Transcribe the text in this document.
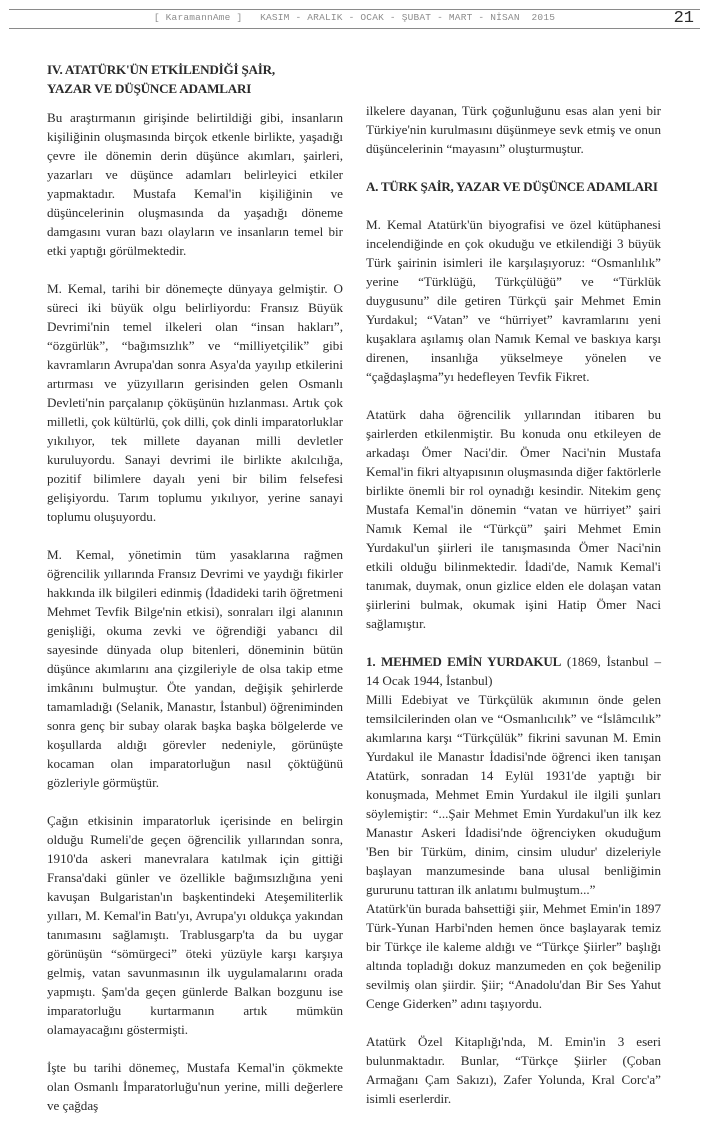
[ KaramannAme ]   KASIM - ARALIK - OCAK - ŞUBAT - MART - NİSAN  2015	21
IV. ATATÜRK'ÜN ETKİLENDİĞİ ŞAİR,
YAZAR VE DÜŞÜNCE ADAMLARI

Bu araştırmanın girişinde belirtildiği gibi, insanların kişiliğinin oluşmasında birçok etkenle birlikte, yaşadığı çevre ile dönemin derin düşünce akımları, şairleri, yazarları ve düşünce adamları belirleyici etkiler yapmaktadır. Mustafa Kemal'in kişiliğinin ve düşüncelerinin oluşmasında da yaşadığı döneme damgasını vuran bazı olayların ve insanların temel bir etki yaptığı görülmektedir.

M. Kemal, tarihi bir dönemeçte dünyaya gelmiştir. O süreci iki büyük olgu belirliyordu: Fransız Büyük Devrimi'nin temel ilkeleri olan “insan hakları”, “özgürlük”, “bağımsızlık” ve “milliyetçilik” gibi kavramların Avrupa'dan sonra Asya'da yayılıp etkilerini artırması ve yüzyılların gerisinden gelen Osmanlı Devleti'nin parçalanıp çöküşünün hızlanması. Artık çok milletli, çok kültürlü, çok dilli, çok dinli imparatorluklar yıkılıyor, tek millete dayanan milli devletler kuruluyordu. Sanayi devrimi ile birlikte akılcılığa, pozitif bilimlere dayalı yeni bir bilim felsefesi gelişiyordu. Tarım toplumu yıkılıyor, yerine sanayi toplumu oluşuyordu.

M. Kemal, yönetimin tüm yasaklarına rağmen öğrencilik yıllarında Fransız Devrimi ve yaydığı fikirler hakkında ilk bilgileri edinmiş (İdadideki tarih öğretmeni Mehmet Tevfik Bilge'nin etkisi), sonraları ilgi alanının genişliği, okuma zevki ve öğrendiği yabancı dil sayesinde dünyada olup bitenleri, döneminin bütün düşünce akımlarını ana çizgileriyle de olsa takip etme imkânını bulmuştur. Öte yandan, değişik şehirlerde tamamladığı (Selanik, Manastır, İstanbul) öğreniminden sonra genç bir subay olarak başka başka bölgelerde ve koşullarda aldığı görevler nedeniyle, görünüşte kocaman olan imparatorluğun nasıl çöktüğünü gözleriyle görmüştür.

Çağın etkisinin imparatorluk içerisinde en belirgin olduğu Rumeli'de geçen öğrencilik yıllarından sonra, 1910'da askeri manevralara katılmak için gittiği Fransa'daki günler ve özellikle bağımsızlığına yeni kavuşan Bulgaristan'ın başkentindeki Ateşemiliterlik yılları, M. Kemal'in Batı'yı, Avrupa'yı oldukça yakından tanımasını sağlamıştı. Trablusgarp'ta da bu uygar görünüşün “sömürgeci” öteki yüzüyle karşı karşıya gelmiş, vatan savunmasının ilk uygulamalarını orada yapmıştı. Şam'da geçen günlerde Balkan bozgunu ise imparatorluğu kurtarmanın artık mümkün olamayacağını göstermişti.

İşte bu tarihi dönemeç, Mustafa Kemal'in çökmekte olan Osmanlı İmparatorluğu'nun yerine, milli değerlere ve çağdaş

ilkelere dayanan, Türk çoğunluğunu esas alan yeni bir Türkiye'nin kurulmasını düşünmeye sevk etmiş ve onun düşüncelerinin “mayasını” oluşturmuştur.

A. TÜRK ŞAİR, YAZAR VE DÜŞÜNCE ADAMLARI

M. Kemal Atatürk'ün biyografisi ve özel kütüphanesi incelendiğinde en çok okuduğu ve etkilendiği 3 büyük Türk şairinin isimleri ile karşılaşıyoruz: “Osmanlılık” yerine “Türklüğü, Türkçülüğü” ve “Türklük duygusunu” dile getiren Türkçü şair Mehmet Emin Yurdakul; “Vatan” ve “hürriyet” kavramlarını yeni kuşaklara aşılamış olan Namık Kemal ve baskıya karşı direnen, insanlığa yükselmeye yönelen ve “çağdaşlaşma”yı hedefleyen Tevfik Fikret.

Atatürk daha öğrencilik yıllarından itibaren bu şairlerden etkilenmiştir. Bu konuda onu etkileyen de arkadaşı Ömer Naci'dir. Ömer Naci'nin Mustafa Kemal'in fikri altyapısının oluşmasında diğer faktörlerle birlikte önemli bir rol oynadığı kesindir. Nitekim genç Mustafa Kemal'in dönemin “vatan ve hürriyet” şairi Namık Kemal ile “Türkçü” şairi Mehmet Emin Yurdakul'un şiirleri ile tanışmasında Ömer Naci'nin etkili olduğu bilinmektedir. İdadi'de, Namık Kemal'i tanımak, duymak, onun gizlice elden ele dolaşan vatan şiirlerini bulmak, okumak işini Hatip Ömer Naci sağlamıştır.

1. MEHMED EMİN YURDAKUL (1869, İstanbul – 14 Ocak 1944, İstanbul)

Milli Edebiyat ve Türkçülük akımının önde gelen temsilcilerinden olan ve “Osmanlıcılık” ve “İslâmcılık” akımlarına karşı “Türkçülük” fikrini savunan M. Emin Yurdakul ile Manastır İdadisi'nde öğrenci iken tanışan Atatürk, sonradan 14 Eylül 1931'de yaptığı bir konuşmada, Mehmet Emin Yurdakul ile ilgili şunları söylemiştir: “...Şair Mehmet Emin Yurdakul'un ilk kez Manastır Askeri İdadisi'nde öğrenciyken okuduğum 'Ben bir Türküm, dinim, cinsim uludur' dizeleriyle başlayan manzumesinde bana ulusal benliğimin gururunu tattıran ilk anlatımı bulmuştum...”

Atatürk'ün burada bahsettiği şiir, Mehmet Emin'in 1897 Türk-Yunan Harbi'nden hemen önce başlayarak temiz bir Türkçe ile kaleme aldığı ve “Türkçe Şiirler” başlığı altında topladığı dokuz manzumeden en çok beğenilip sevilmiş olan şiirdir. Şiir; “Anadolu'dan Bir Ses Yahut Cenge Giderken” adını taşıyordu.

Atatürk Özel Kitaplığı'nda, M. Emin'in 3 eseri bulunmaktadır. Bunlar, “Türkçe Şiirler (Çoban Armağanı Çam Sakızı), Zafer Yolunda, Kral Corc'a” isimli eserlerdir.
